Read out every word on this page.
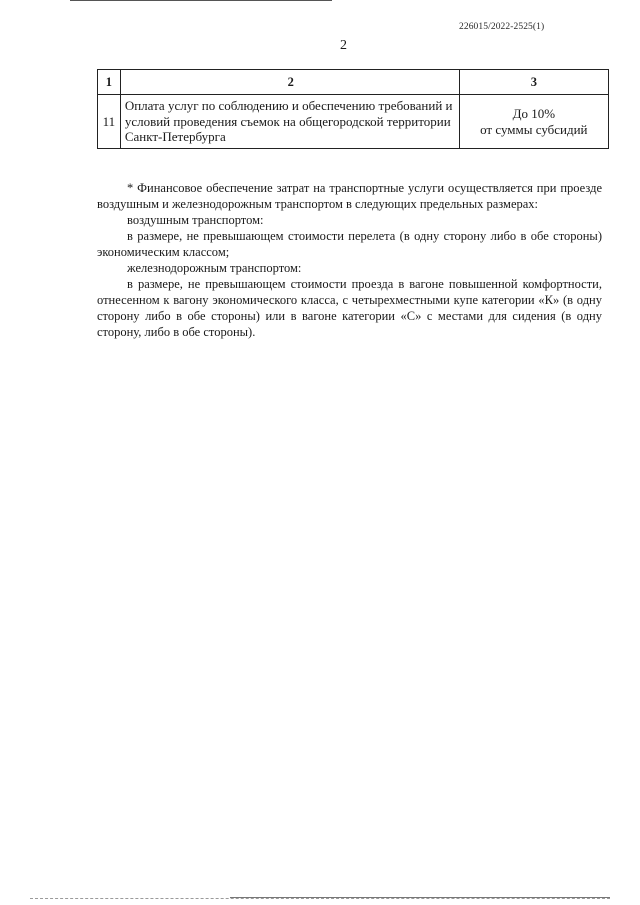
226015/2022-2525(1)
2
1	2	3
11	Оплата услуг по соблюдению и обеспечению требований и условий проведения съемок на общегородской территории Санкт-Петербурга	До 10%
от суммы субсидий

* Финансовое обеспечение затрат на транспортные услуги осуществляется при проезде воздушным и железнодорожным транспортом в следующих предельных размерах:

воздушным транспортом:

в размере, не превышающем стоимости перелета (в одну сторону либо в обе стороны) экономическим классом;

железнодорожным транспортом:

в размере, не превышающем стоимости проезда в вагоне повышенной комфортности, отнесенном к вагону экономического класса, с четырехместными купе категории «К» (в одну сторону либо в обе стороны) или в вагоне категории «С» с местами для сидения (в одну сторону, либо в обе стороны).
